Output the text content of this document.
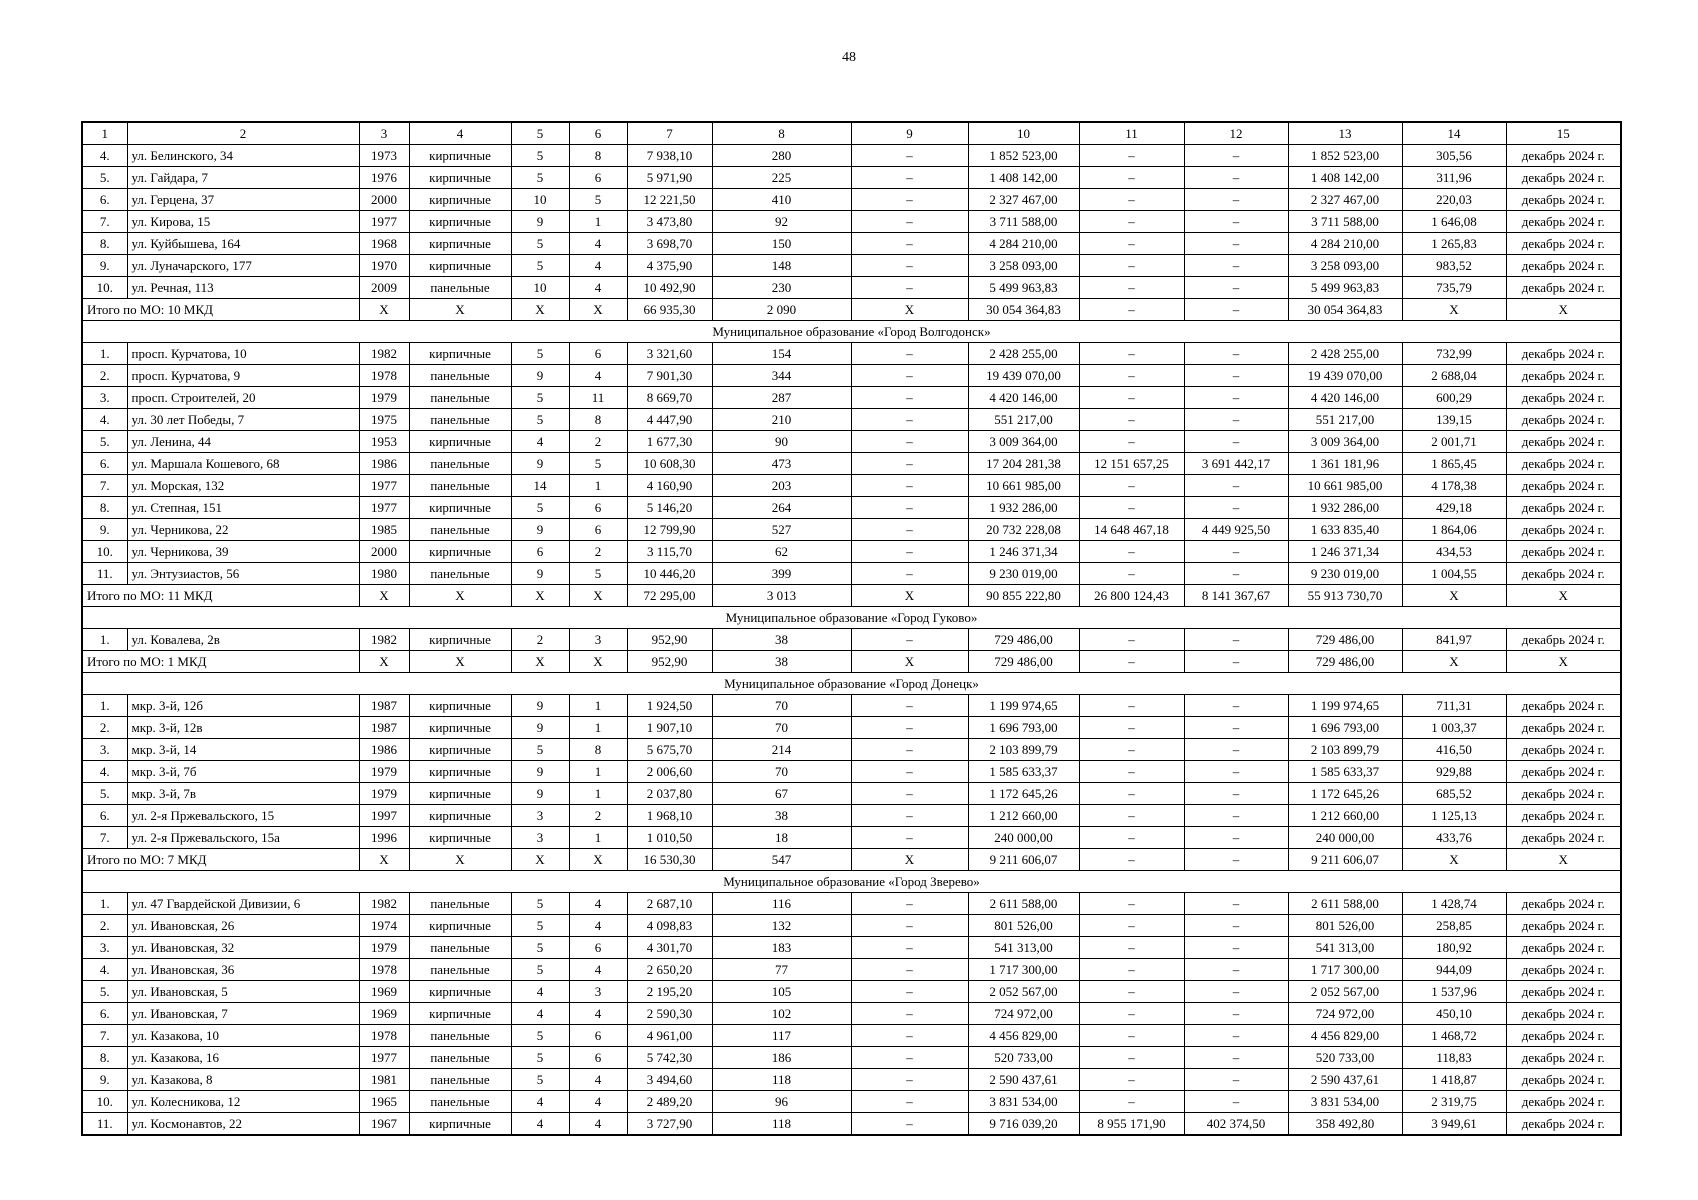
48
1	2	3	4	5	6	7	8	9	10	11	12	13	14	15
4.	ул. Белинского, 34	1973	кирпичные	5	8	7 938,10	280	–	1 852 523,00	–	–	1 852 523,00	305,56	декабрь 2024 г.
5.	ул. Гайдара, 7	1976	кирпичные	5	6	5 971,90	225	–	1 408 142,00	–	–	1 408 142,00	311,96	декабрь 2024 г.
6.	ул. Герцена, 37	2000	кирпичные	10	5	12 221,50	410	–	2 327 467,00	–	–	2 327 467,00	220,03	декабрь 2024 г.
7.	ул. Кирова, 15	1977	кирпичные	9	1	3 473,80	92	–	3 711 588,00	–	–	3 711 588,00	1 646,08	декабрь 2024 г.
8.	ул. Куйбышева, 164	1968	кирпичные	5	4	3 698,70	150	–	4 284 210,00	–	–	4 284 210,00	1 265,83	декабрь 2024 г.
9.	ул. Луначарского, 177	1970	кирпичные	5	4	4 375,90	148	–	3 258 093,00	–	–	3 258 093,00	983,52	декабрь 2024 г.
10.	ул. Речная, 113	2009	панельные	10	4	10 492,90	230	–	5 499 963,83	–	–	5 499 963,83	735,79	декабрь 2024 г.
Итого по МО: 10 МКД		Х	Х	Х	Х	66 935,30	2 090	Х	30 054 364,83	–	–	30 054 364,83	Х	Х
Муниципальное образование «Город Волгодонск»														
1.	просп. Курчатова, 10	1982	кирпичные	5	6	3 321,60	154	–	2 428 255,00	–	–	2 428 255,00	732,99	декабрь 2024 г.
2.	просп. Курчатова, 9	1978	панельные	9	4	7 901,30	344	–	19 439 070,00	–	–	19 439 070,00	2 688,04	декабрь 2024 г.
3.	просп. Строителей, 20	1979	панельные	5	11	8 669,70	287	–	4 420 146,00	–	–	4 420 146,00	600,29	декабрь 2024 г.
4.	ул. 30 лет Победы, 7	1975	панельные	5	8	4 447,90	210	–	551 217,00	–	–	551 217,00	139,15	декабрь 2024 г.
5.	ул. Ленина, 44	1953	кирпичные	4	2	1 677,30	90	–	3 009 364,00	–	–	3 009 364,00	2 001,71	декабрь 2024 г.
6.	ул. Маршала Кошевого, 68	1986	панельные	9	5	10 608,30	473	–	17 204 281,38	12 151 657,25	3 691 442,17	1 361 181,96	1 865,45	декабрь 2024 г.
7.	ул. Морская, 132	1977	панельные	14	1	4 160,90	203	–	10 661 985,00	–	–	10 661 985,00	4 178,38	декабрь 2024 г.
8.	ул. Степная, 151	1977	кирпичные	5	6	5 146,20	264	–	1 932 286,00	–	–	1 932 286,00	429,18	декабрь 2024 г.
9.	ул. Черникова, 22	1985	панельные	9	6	12 799,90	527	–	20 732 228,08	14 648 467,18	4 449 925,50	1 633 835,40	1 864,06	декабрь 2024 г.
10.	ул. Черникова, 39	2000	кирпичные	6	2	3 115,70	62	–	1 246 371,34	–	–	1 246 371,34	434,53	декабрь 2024 г.
11.	ул. Энтузиастов, 56	1980	панельные	9	5	10 446,20	399	–	9 230 019,00	–	–	9 230 019,00	1 004,55	декабрь 2024 г.
Итого по МО: 11 МКД		Х	Х	Х	Х	72 295,00	3 013	Х	90 855 222,80	26 800 124,43	8 141 367,67	55 913 730,70	Х	Х
Муниципальное образование «Город Гуково»														
1.	ул. Ковалева, 2в	1982	кирпичные	2	3	952,90	38	–	729 486,00	–	–	729 486,00	841,97	декабрь 2024 г.
Итого по МО: 1 МКД		Х	Х	Х	Х	952,90	38	Х	729 486,00	–	–	729 486,00	Х	Х
Муниципальное образование «Город Донецк»														
1.	мкр. 3-й, 12б	1987	кирпичные	9	1	1 924,50	70	–	1 199 974,65	–	–	1 199 974,65	711,31	декабрь 2024 г.
2.	мкр. 3-й, 12в	1987	кирпичные	9	1	1 907,10	70	–	1 696 793,00	–	–	1 696 793,00	1 003,37	декабрь 2024 г.
3.	мкр. 3-й, 14	1986	кирпичные	5	8	5 675,70	214	–	2 103 899,79	–	–	2 103 899,79	416,50	декабрь 2024 г.
4.	мкр. 3-й, 7б	1979	кирпичные	9	1	2 006,60	70	–	1 585 633,37	–	–	1 585 633,37	929,88	декабрь 2024 г.
5.	мкр. 3-й, 7в	1979	кирпичные	9	1	2 037,80	67	–	1 172 645,26	–	–	1 172 645,26	685,52	декабрь 2024 г.
6.	ул. 2-я Пржевальского, 15	1997	кирпичные	3	2	1 968,10	38	–	1 212 660,00	–	–	1 212 660,00	1 125,13	декабрь 2024 г.
7.	ул. 2-я Пржевальского, 15а	1996	кирпичные	3	1	1 010,50	18	–	240 000,00	–	–	240 000,00	433,76	декабрь 2024 г.
Итого по МО: 7 МКД		Х	Х	Х	Х	16 530,30	547	Х	9 211 606,07	–	–	9 211 606,07	Х	Х
Муниципальное образование «Город Зверево»														
1.	ул. 47 Гвардейской Дивизии, 6	1982	панельные	5	4	2 687,10	116	–	2 611 588,00	–	–	2 611 588,00	1 428,74	декабрь 2024 г.
2.	ул. Ивановская, 26	1974	кирпичные	5	4	4 098,83	132	–	801 526,00	–	–	801 526,00	258,85	декабрь 2024 г.
3.	ул. Ивановская, 32	1979	панельные	5	6	4 301,70	183	–	541 313,00	–	–	541 313,00	180,92	декабрь 2024 г.
4.	ул. Ивановская, 36	1978	панельные	5	4	2 650,20	77	–	1 717 300,00	–	–	1 717 300,00	944,09	декабрь 2024 г.
5.	ул. Ивановская, 5	1969	кирпичные	4	3	2 195,20	105	–	2 052 567,00	–	–	2 052 567,00	1 537,96	декабрь 2024 г.
6.	ул. Ивановская, 7	1969	кирпичные	4	4	2 590,30	102	–	724 972,00	–	–	724 972,00	450,10	декабрь 2024 г.
7.	ул. Казакова, 10	1978	панельные	5	6	4 961,00	117	–	4 456 829,00	–	–	4 456 829,00	1 468,72	декабрь 2024 г.
8.	ул. Казакова, 16	1977	панельные	5	6	5 742,30	186	–	520 733,00	–	–	520 733,00	118,83	декабрь 2024 г.
9.	ул. Казакова, 8	1981	панельные	5	4	3 494,60	118	–	2 590 437,61	–	–	2 590 437,61	1 418,87	декабрь 2024 г.
10.	ул. Колесникова, 12	1965	панельные	4	4	2 489,20	96	–	3 831 534,00	–	–	3 831 534,00	2 319,75	декабрь 2024 г.
11.	ул. Космонавтов, 22	1967	кирпичные	4	4	3 727,90	118	–	9 716 039,20	8 955 171,90	402 374,50	358 492,80	3 949,61	декабрь 2024 г.
